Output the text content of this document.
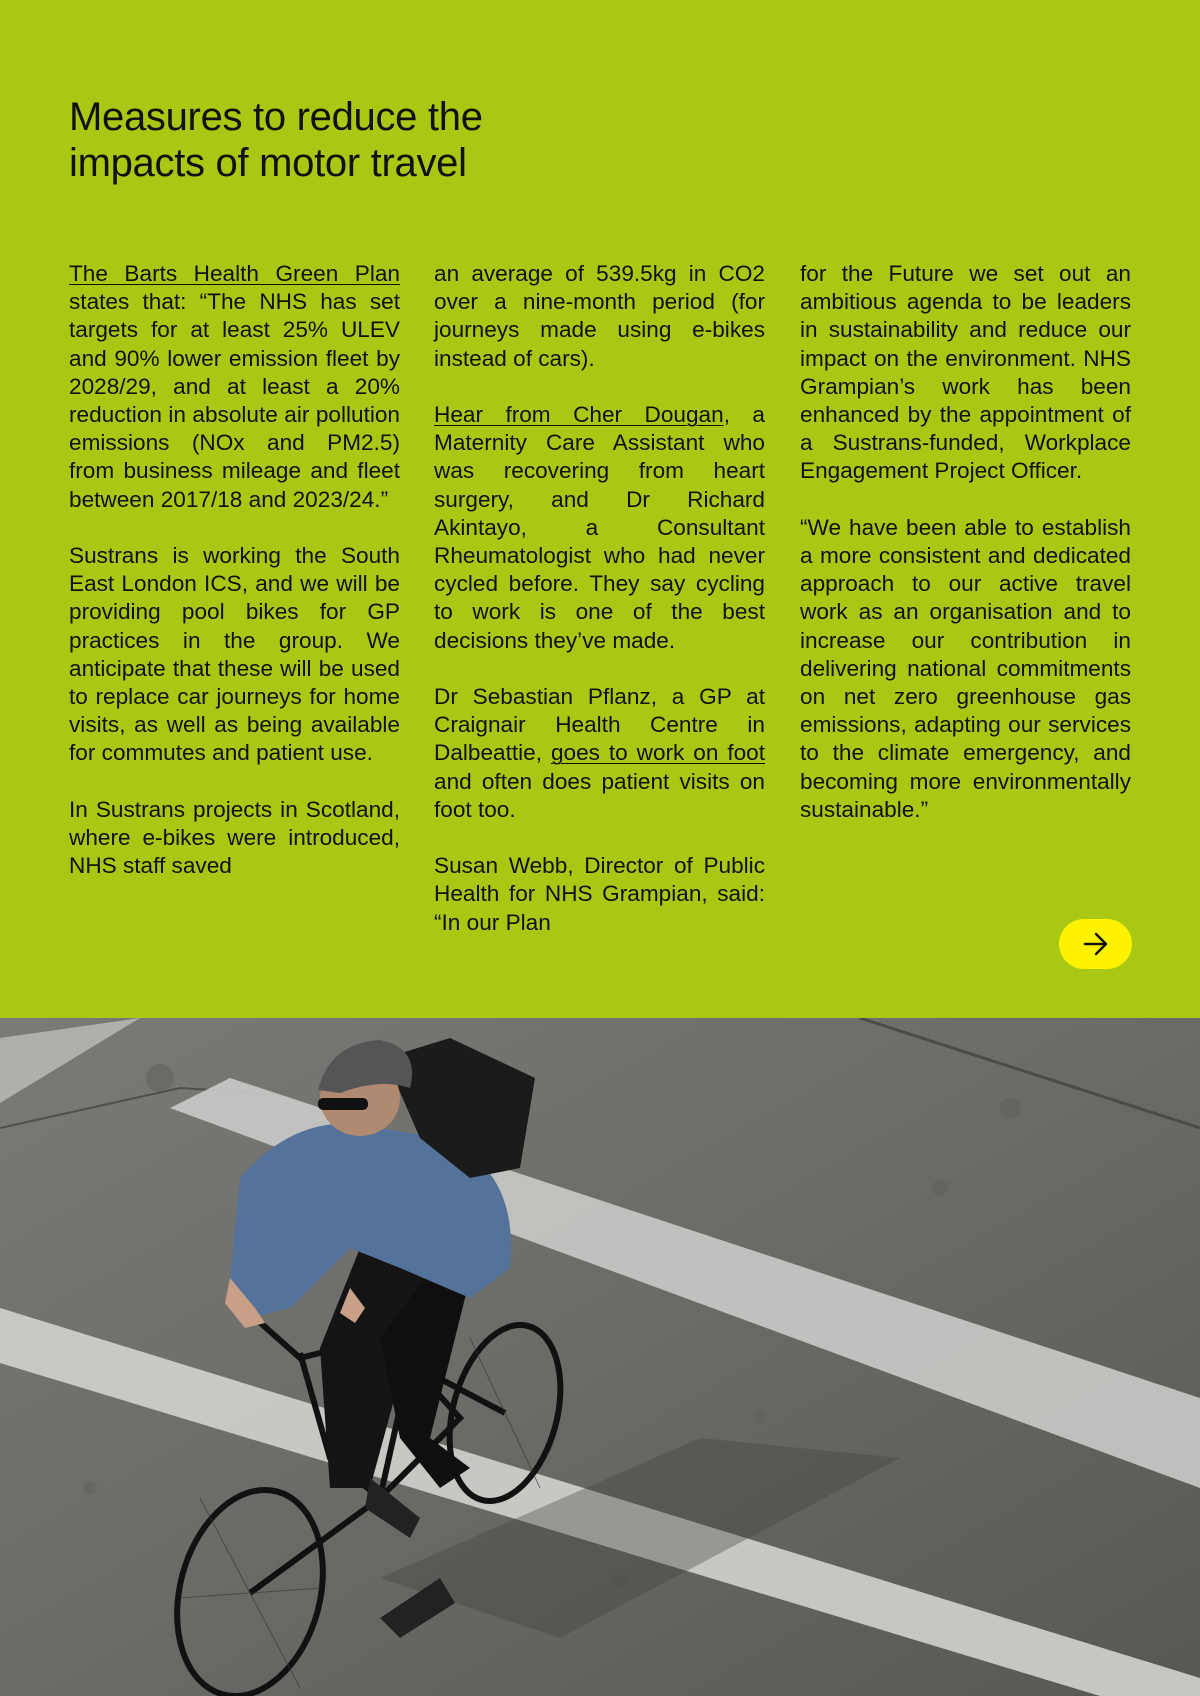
Measures to reduce the
impacts of motor travel

The Barts Health Green Plan states that: “The NHS has set targets for at least 25% ULEV and 90% lower emission fleet by 2028/29, and at least a 20% reduction in absolute air pollution emissions (NOx and PM2.5) from business mileage and fleet between 2017/18 and 2023/24.”

Sustrans is working the South East London ICS, and we will be providing pool bikes for GP practices in the group. We anticipate that these will be used to replace car journeys for home visits, as well as being available for commutes and patient use.

In Sustrans projects in Scotland, where e-bikes were introduced, NHS staff saved

an average of 539.5kg in CO2 over a nine-month period (for journeys made using e-bikes instead of cars).

Hear from Cher Dougan, a Maternity Care Assistant who was recovering from heart surgery, and Dr Richard Akintayo, a Consultant Rheumatologist who had never cycled before. They say cycling to work is one of the best decisions they’ve made.

Dr Sebastian Pflanz, a GP at Craignair Health Centre in Dalbeattie, goes to work on foot and often does patient visits on foot too.

Susan Webb, Director of Public Health for NHS Grampian, said: “In our Plan

for the Future we set out an ambitious agenda to be leaders in sustainability and reduce our impact on the environment. NHS Grampian’s work has been enhanced by the appointment of a Sustrans-funded, Workplace Engagement Project Officer.

“We have been able to establish a more consistent and dedicated approach to our active travel work as an organisation and to increase our contribution in delivering national commitments on net zero greenhouse gas emissions, adapting our services to the climate emergency, and becoming more environmentally sustainable.”
